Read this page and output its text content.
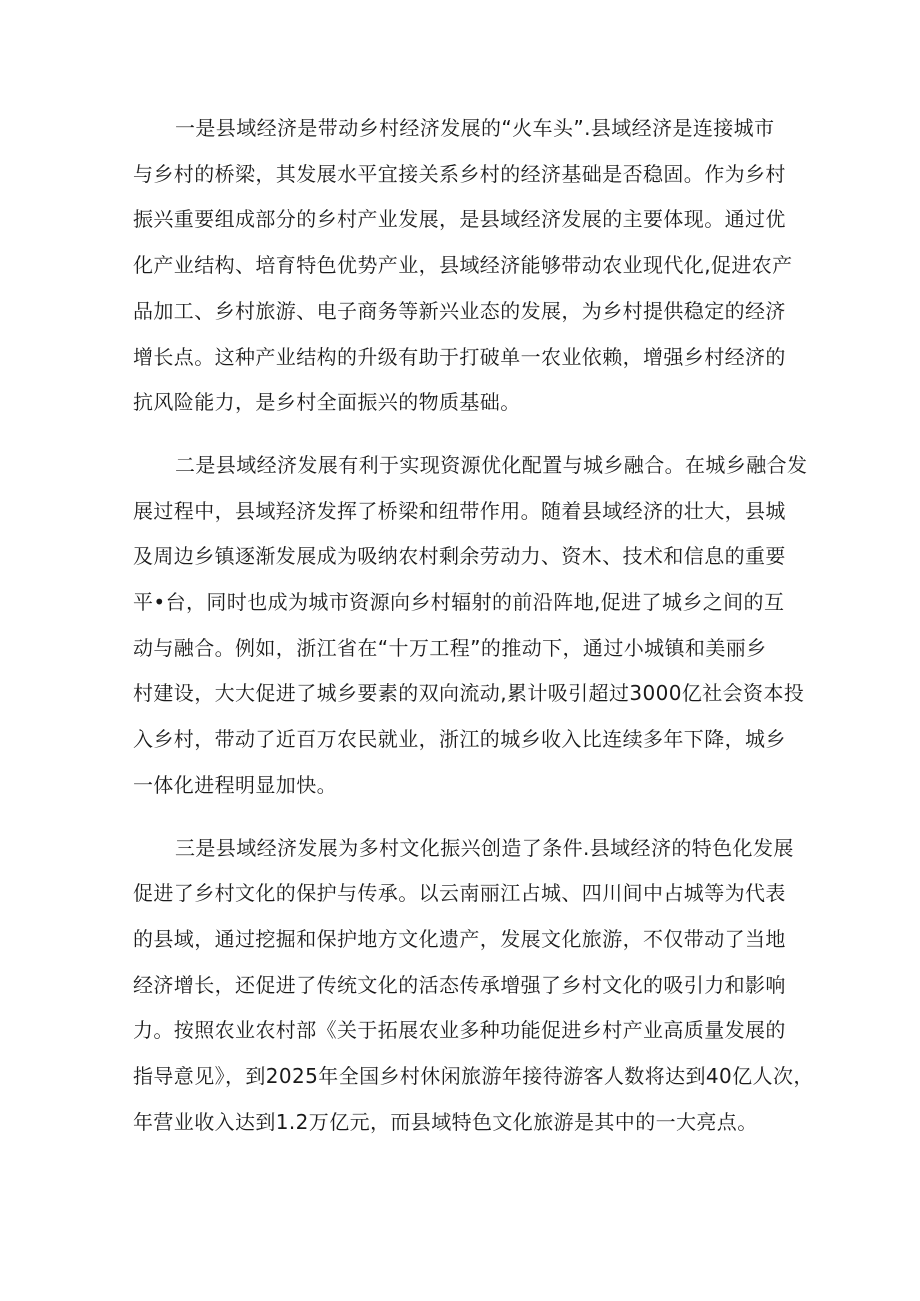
一是县域经济是带动乡村经济发展的“火车头”.县域经济是连接城市
与乡村的桥梁，其发展水平宜接关系乡村的经济基础是否稳固。作为乡村
振兴重要组成部分的乡村产业发展，是县域经济发展的主要体现。通过优
化产业结构、培育特色优势产业，县域经济能够带动农业现代化,促进农产
品加工、乡村旅游、电子商务等新兴业态的发展，为乡村提供稳定的经济
增长点。这种产业结构的升级有助于打破单一农业依赖，增强乡村经济的
抗风险能力，是乡村全面振兴的物质基础。

二是县域经济发展有利于实现资源优化配置与城乡融合。在城乡融合发
展过程中，县域羟济发挥了桥梁和纽带作用。随着县域经济的壮大，县城
及周边乡镇逐渐发展成为吸纳农村剩余劳动力、资木、技术和信息的重要
平•台，同时也成为城市资源向乡村辐射的前沿阵地,促进了城乡之间的互
动与融合。例如，浙江省在“十万工程”的推动下，通过小城镇和美丽乡
村建设，大大促进了城乡要素的双向流动,累计吸引超过3000亿社会资本投
入乡村，带动了近百万农民就业，浙江的城乡收入比连续多年下降，城乡
一体化进程明显加快。

三是县域经济发展为多村文化振兴创造了条件.县域经济的特色化发展
促进了乡村文化的保护与传承。以云南丽江占城、四川间中占城等为代表
的县域，通过挖掘和保护地方文化遗产，发展文化旅游，不仅带动了当地
经济增长，还促进了传统文化的活态传承增强了乡村文化的吸引力和影响
力。按照农业农村部《关于拓展农业多种功能促进乡村产业高质量发展的
指导意见》，到2025年全国乡村休闲旅游年接待游客人数将达到40亿人次，
年营业收入达到1.2万亿元，而县域特色文化旅游是其中的一大亮点。
